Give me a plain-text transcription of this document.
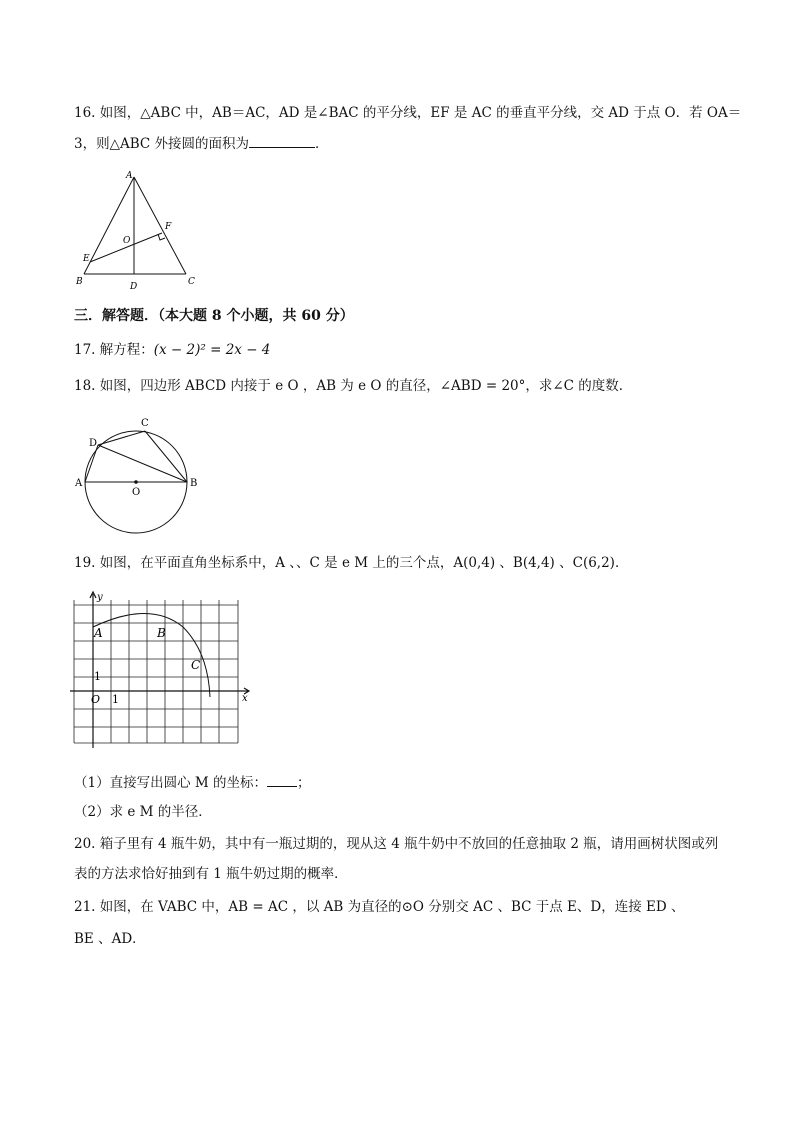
16. 如图，△ABC 中，AB＝AC，AD 是∠BAC 的平分线，EF 是 AC 的垂直平分线，交 AD 于点 O．若 OA＝
3，则△ABC 外接圆的面积为	．
A
B	C
D
E
F
O
三．解答题．（本大题 8 个小题，共 60 分）
17. 解方程：(x − 2)² = 2x − 4
18. 如图，四边形 ABCD 内接于 e O ，AB 为 e O 的直径，∠ABD = 20°，求∠C 的度数．
A	B
C
D
O
19. 如图，在平面直角坐标系中，A 、、C 是 e M 上的三个点，A(0,4) 、B(4,4) 、C(6,2)．
y
x
O 1
1
A	B
C
（1）直接写出圆心 M 的坐标： ；
（2）求 e M 的半径．
20. 箱子里有 4 瓶牛奶，其中有一瓶过期的，现从这 4 瓶牛奶中不放回的任意抽取 2 瓶，请用画树状图或列
表的方法求恰好抽到有 1 瓶牛奶过期的概率．
21. 如图，在 VABC 中，AB = AC ，以 AB 为直径的⊙O 分别交 AC 、BC 于点 E、D，连接 ED 、
BE 、AD．
